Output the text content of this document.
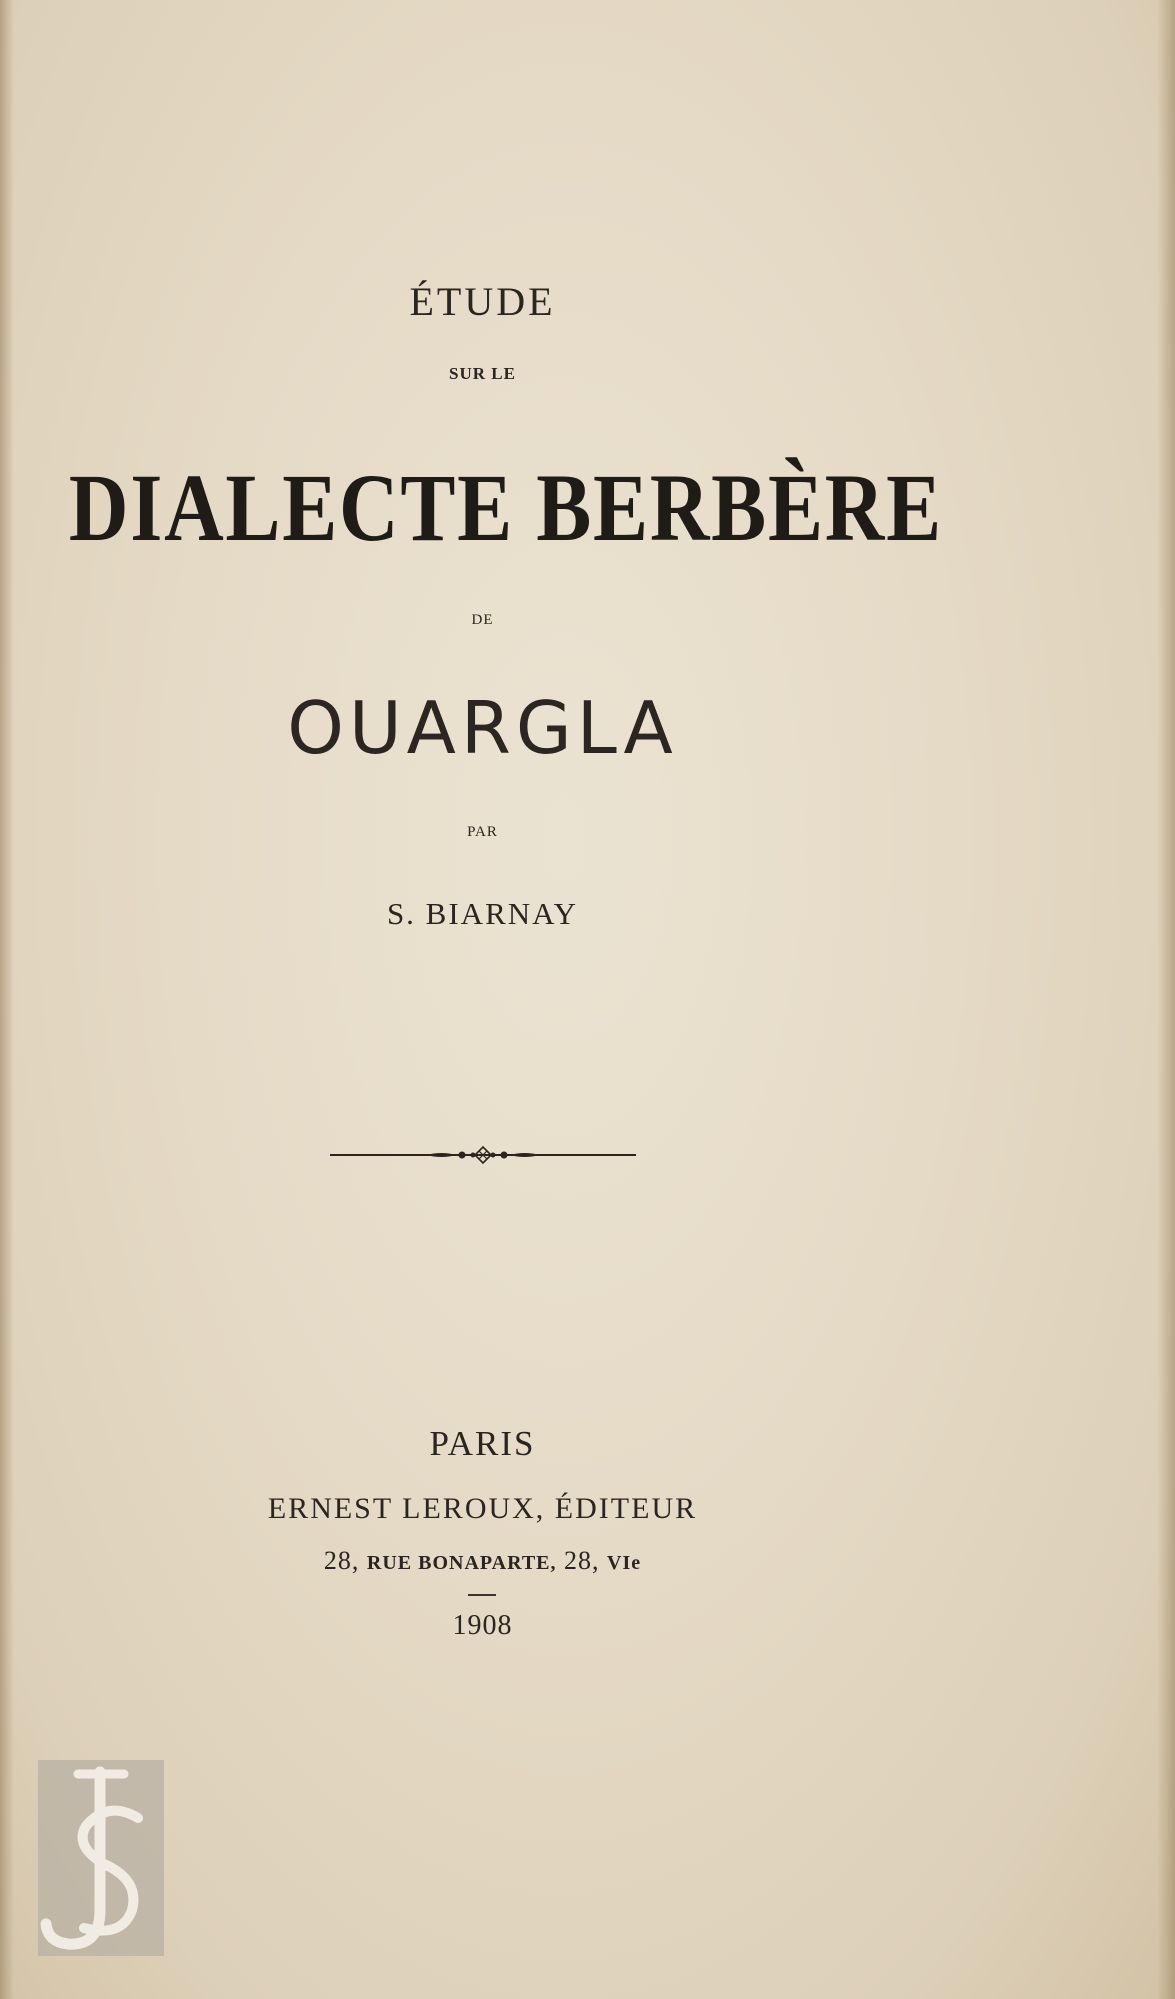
ÉTUDE
SUR LE
DIALECTE BERBÈRE
DE
OUARGLA
PAR
S. BIARNAY
PARIS
ERNEST LEROUX, ÉDITEUR
28, RUE BONAPARTE, 28, VIe
1908
